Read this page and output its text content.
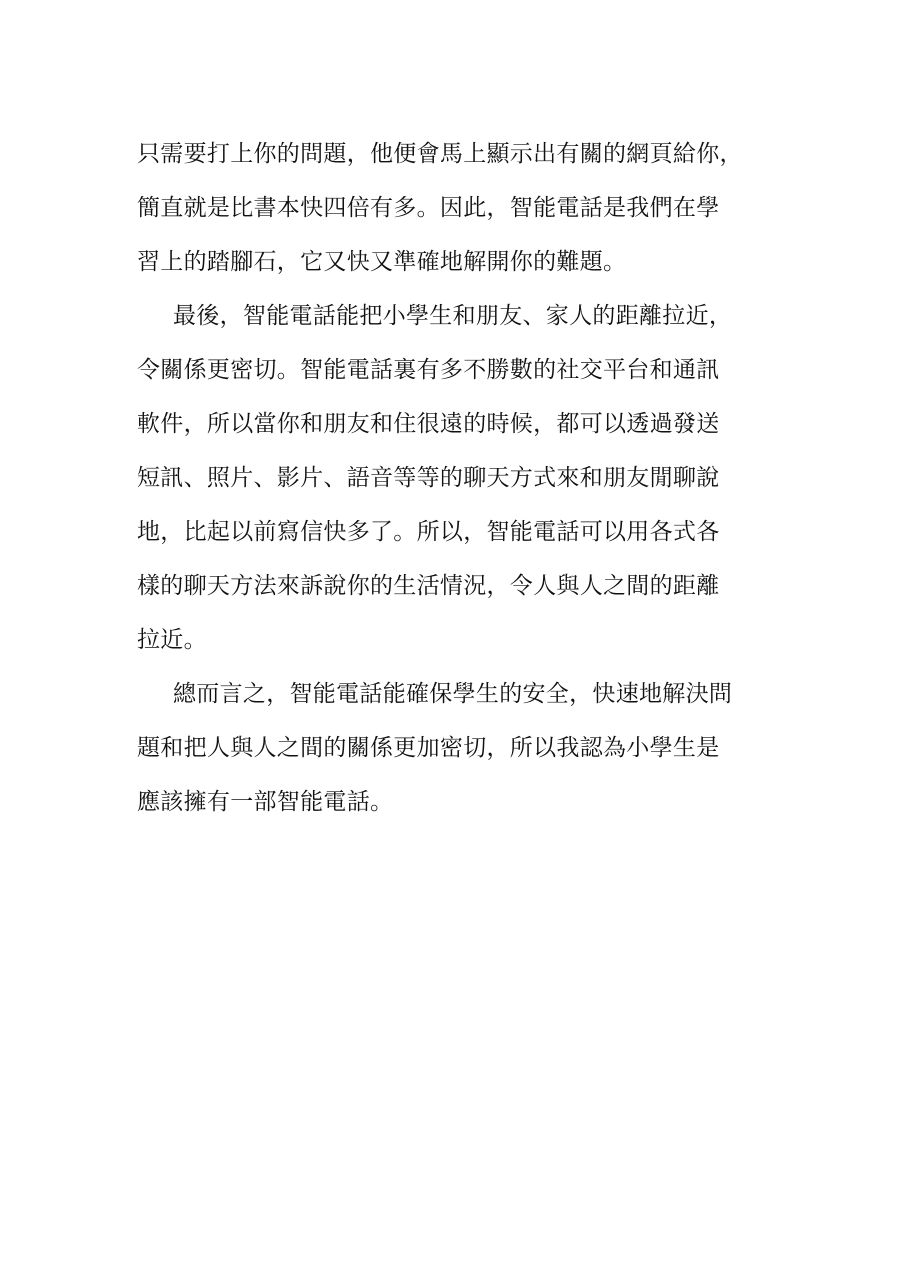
只需要打上你的問題，他便會馬上顯示出有關的網頁給你，
簡直就是比書本快四倍有多。因此，智能電話是我們在學
習上的踏腳石，它又快又準確地解開你的難題。
最後，智能電話能把小學生和朋友、家人的距離拉近，
令關係更密切。智能電話裏有多不勝數的社交平台和通訊
軟件，所以當你和朋友和住很遠的時候，都可以透過發送
短訊、照片、影片、語音等等的聊天方式來和朋友閒聊說
地，比起以前寫信快多了。所以，智能電話可以用各式各
樣的聊天方法來訴說你的生活情況，令人與人之間的距離
拉近。
總而言之，智能電話能確保學生的安全，快速地解決問
題和把人與人之間的關係更加密切，所以我認為小學生是
應該擁有一部智能電話。
